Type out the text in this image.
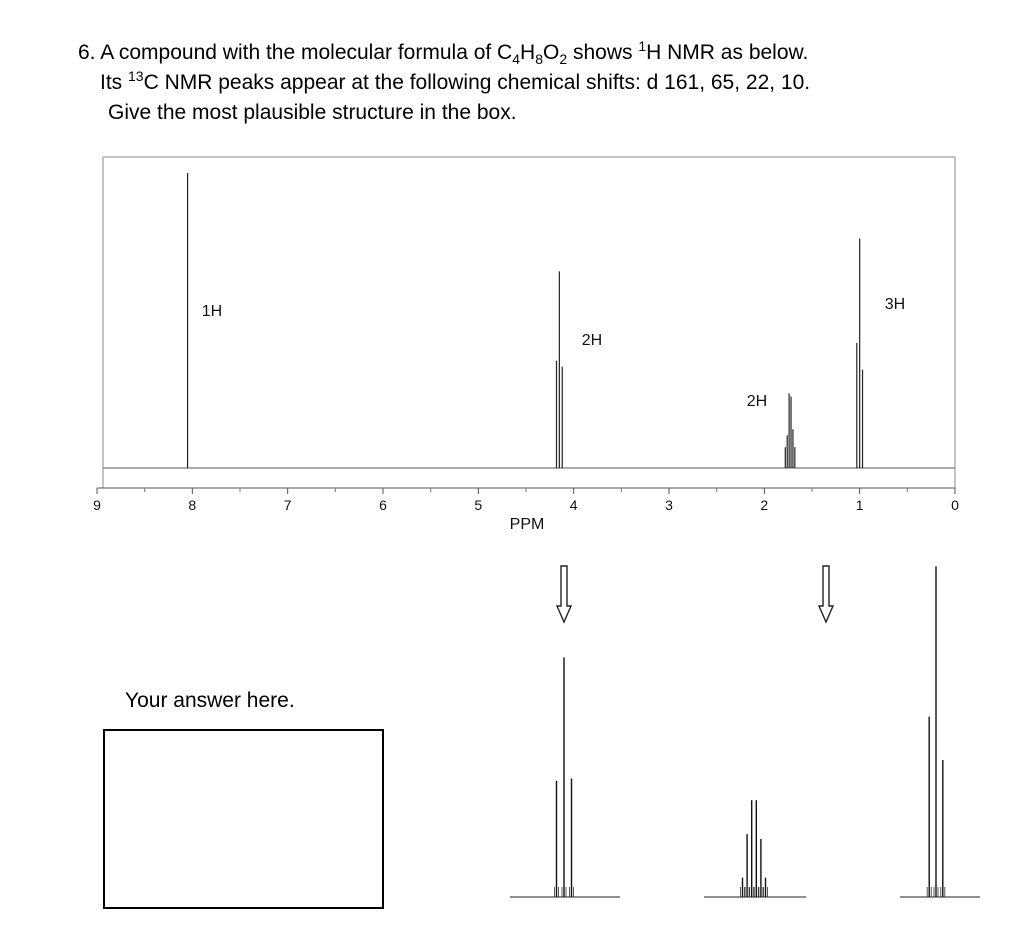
6. A compound with the molecular formula of $C_4H_8O_2$ shows $^1$H NMR as below.
Its $^{13}$C NMR peaks appear at the following chemical shifts: d 161, 65, 22, 10.
Give the most plausible structure in the box.
9	8	7	6	5	4	3	2	1	0
PPM
1H
2H
2H
3H
Your answer here.
